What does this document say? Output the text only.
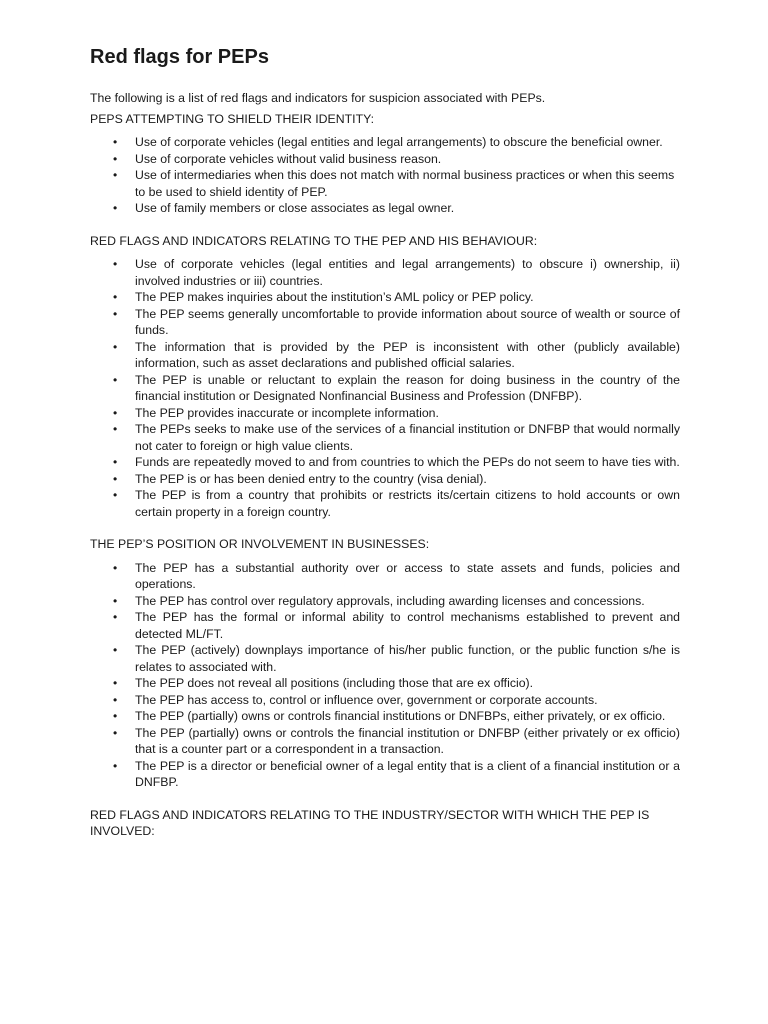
Red flags for PEPs

The following is a list of red flags and indicators for suspicion associated with PEPs.

PEPS ATTEMPTING TO SHIELD THEIR IDENTITY:

• Use of corporate vehicles (legal entities and legal arrangements) to obscure the beneficial owner.
• Use of corporate vehicles without valid business reason.
• Use of intermediaries when this does not match with normal business practices or when this seems to be used to shield identity of PEP.
• Use of family members or close associates as legal owner.

RED FLAGS AND INDICATORS RELATING TO THE PEP AND HIS BEHAVIOUR:

• Use of corporate vehicles (legal entities and legal arrangements) to obscure i) ownership, ii) involved industries or iii) countries.
• The PEP makes inquiries about the institution’s AML policy or PEP policy.
• The PEP seems generally uncomfortable to provide information about source of wealth or source of funds.
• The information that is provided by the PEP is inconsistent with other (publicly available) information, such as asset declarations and published official salaries.
• The PEP is unable or reluctant to explain the reason for doing business in the country of the financial institution or Designated Nonfinancial Business and Profession (DNFBP).
• The PEP provides inaccurate or incomplete information.
• The PEPs seeks to make use of the services of a financial institution or DNFBP that would normally not cater to foreign or high value clients.
• Funds are repeatedly moved to and from countries to which the PEPs do not seem to have ties with.
• The PEP is or has been denied entry to the country (visa denial).
• The PEP is from a country that prohibits or restricts its/certain citizens to hold accounts or own certain property in a foreign country.

THE PEP’S POSITION OR INVOLVEMENT IN BUSINESSES:

• The PEP has a substantial authority over or access to state assets and funds, policies and operations.
• The PEP has control over regulatory approvals, including awarding licenses and concessions.
• The PEP has the formal or informal ability to control mechanisms established to prevent and detected ML/FT.
• The PEP (actively) downplays importance of his/her public function, or the public function s/he is relates to associated with.
• The PEP does not reveal all positions (including those that are ex officio).
• The PEP has access to, control or influence over, government or corporate accounts.
• The PEP (partially) owns or controls financial institutions or DNFBPs, either privately, or ex officio.
• The PEP (partially) owns or controls the financial institution or DNFBP (either privately or ex officio) that is a counter part or a correspondent in a transaction.
• The PEP is a director or beneficial owner of a legal entity that is a client of a financial institution or a DNFBP.

RED FLAGS AND INDICATORS RELATING TO THE INDUSTRY/SECTOR WITH WHICH THE PEP IS INVOLVED:
